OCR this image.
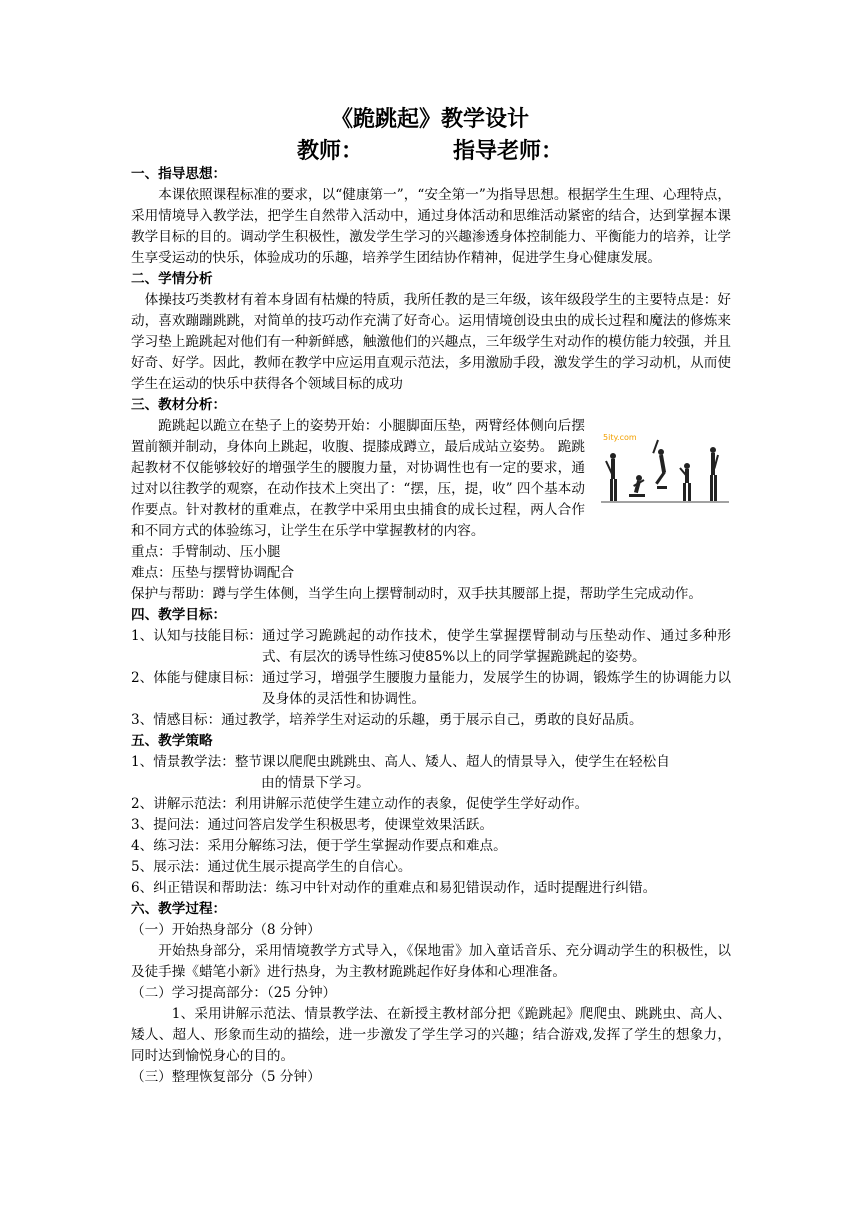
《跪跳起》教学设计
教师：	指导老师：
一、指导思想：
本课依照课程标准的要求，以“健康第一”，“安全第一”为指导思想。根据学生生理、心理特点，采用情境导入教学法，把学生自然带入活动中，通过身体活动和思维活动紧密的结合，达到掌握本课教学目标的目的。调动学生积极性，激发学生学习的兴趣渗透身体控制能力、平衡能力的培养，让学生享受运动的快乐，体验成功的乐趣，培养学生团结协作精神，促进学生身心健康发展。
二、学情分析
体操技巧类教材有着本身固有枯燥的特质，我所任教的是三年级，该年级段学生的主要特点是：好动，喜欢蹦蹦跳跳，对简单的技巧动作充满了好奇心。运用情境创设虫虫的成长过程和魔法的修炼来学习垫上跪跳起对他们有一种新鲜感，触激他们的兴趣点，三年级学生对动作的模仿能力较强，并且好奇、好学。因此，教师在教学中应运用直观示范法，多用激励手段，激发学生的学习动机，从而使学生在运动的快乐中获得各个领域目标的成功
三、教材分析：
5ity.com
跪跳起以跪立在垫子上的姿势开始：小腿脚面压垫，两臂经体侧向后摆置前额并制动，身体向上跳起，收腹、提膝成蹲立，最后成站立姿势。 跪跳起教材不仅能够较好的增强学生的腰腹力量，对协调性也有一定的要求，通过对以往教学的观察，在动作技术上突出了：“摆，压，提，收” 四个基本动作要点。针对教材的重难点，在教学中采用虫虫捕食的成长过程，两人合作和不同方式的体验练习，让学生在乐学中掌握教材的内容。
重点：手臂制动、压小腿
难点：压垫与摆臂协调配合
保护与帮助：蹲与学生体侧，当学生向上摆臂制动时，双手扶其腰部上提，帮助学生完成动作。
四、教学目标：
1、认知与技能目标： 通过学习跪跳起的动作技术，使学生掌握摆臂制动与压垫动作、通过多种形式、有层次的诱导性练习使85%以上的同学掌握跪跳起的姿势。
2、体能与健康目标： 通过学习，增强学生腰腹力量能力，发展学生的协调，锻炼学生的协调能力以及身体的灵活性和协调性。
3、情感目标：通过教学，培养学生对运动的乐趣，勇于展示自己，勇敢的良好品质。
五、教学策略
1、情景教学法： 整节课以爬爬虫跳跳虫、高人、矮人、超人的情景导入，使学生在轻松自
由的情景下学习。
2、讲解示范法：利用讲解示范使学生建立动作的表象，促使学生学好动作。
3、提问法：通过问答启发学生积极思考，使课堂效果活跃。
4、练习法：采用分解练习法，便于学生掌握动作要点和难点。
5、展示法：通过优生展示提高学生的自信心。
6、纠正错误和帮助法：练习中针对动作的重难点和易犯错误动作，适时提醒进行纠错。
六、教学过程：
（一）开始热身部分（8 分钟）
开始热身部分，采用情境教学方式导入，《保地雷》加入童话音乐、充分调动学生的积极性，以及徒手操《蜡笔小新》进行热身，为主教材跪跳起作好身体和心理准备。
（二）学习提高部分：（25 分钟）
1、采用讲解示范法、情景教学法、在新授主教材部分把《跪跳起》爬爬虫、跳跳虫、高人、矮人、超人、形象而生动的描绘，进一步激发了学生学习的兴趣；结合游戏,发挥了学生的想象力，同时达到愉悦身心的目的。
（三）整理恢复部分（5 分钟）
